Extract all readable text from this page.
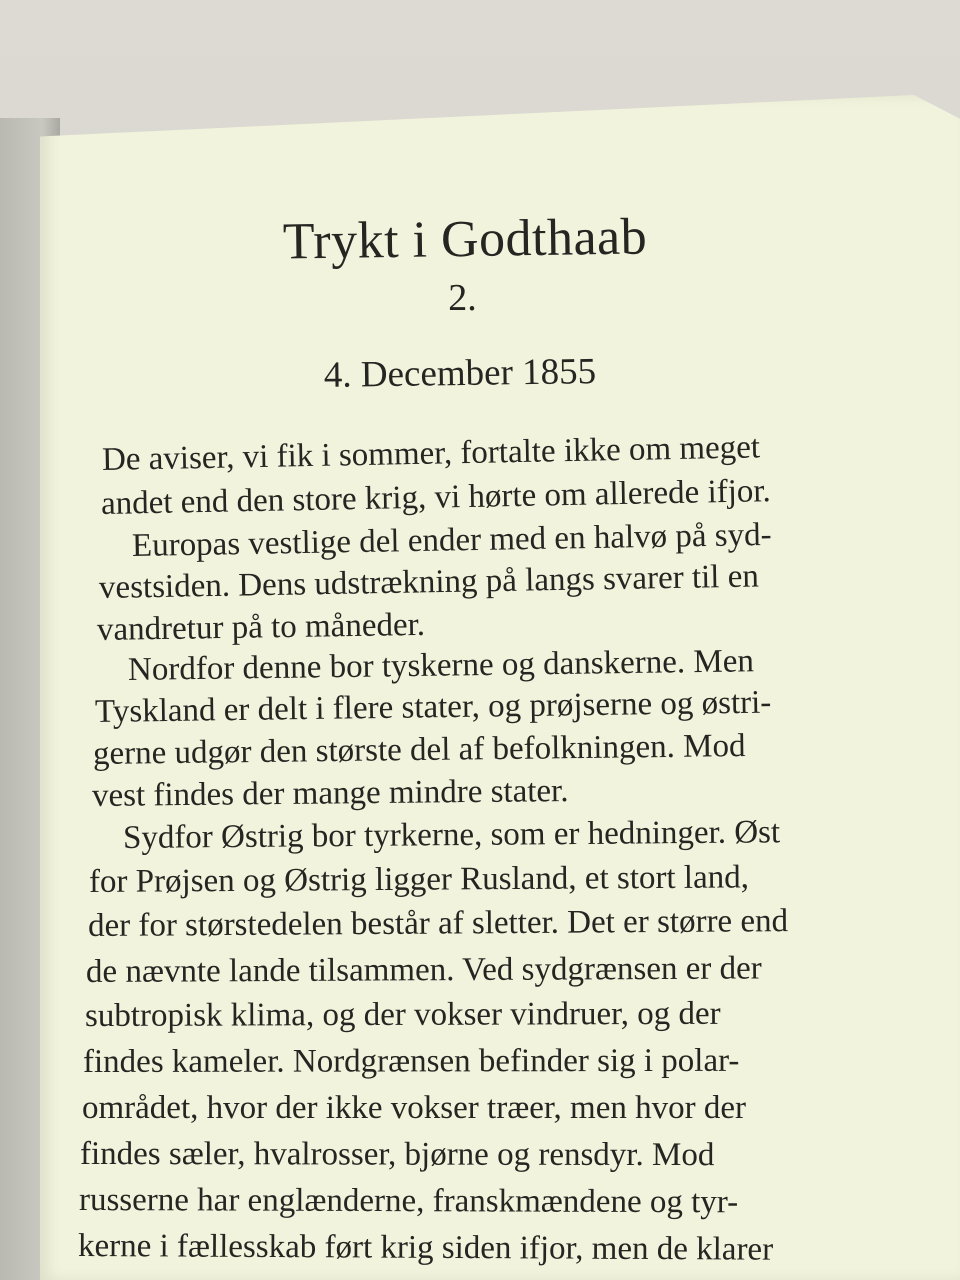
Trykt i Godthaab
2.
4. December 1855
De aviser, vi fik i sommer, fortalte ikke om meget
andet end den store krig, vi hørte om allerede ifjor.
Europas vestlige del ender med en halvø på syd-
vestsiden. Dens udstrækning på langs svarer til en
vandretur på to måneder.
Nordfor denne bor tyskerne og danskerne. Men
Tyskland er delt i flere stater, og prøjserne og østri-
gerne udgør den største del af befolkningen. Mod
vest findes der mange mindre stater.
Sydfor Østrig bor tyrkerne, som er hedninger. Øst
for Prøjsen og Østrig ligger Rusland, et stort land,
der for størstedelen består af sletter. Det er større end
de nævnte lande tilsammen. Ved sydgrænsen er der
subtropisk klima, og der vokser vindruer, og der
findes kameler. Nordgrænsen befinder sig i polar-
området, hvor der ikke vokser træer, men hvor der
findes sæler, hvalrosser, bjørne og rensdyr. Mod
russerne har englænderne, franskmændene og tyr-
kerne i fællesskab ført krig siden ifjor, men de klarer
